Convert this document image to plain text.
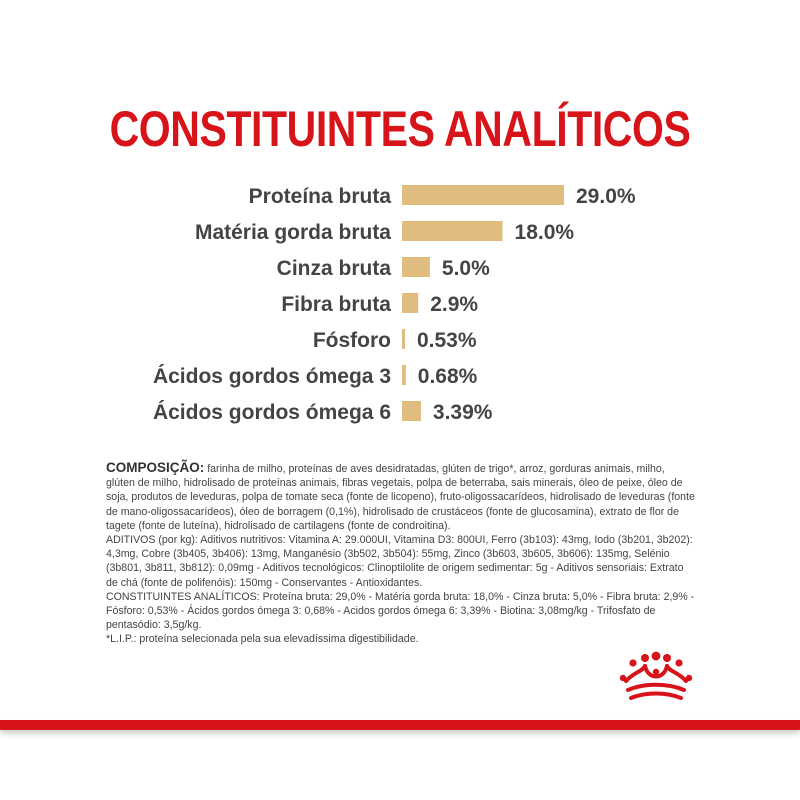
CONSTITUINTES ANALÍTICOS
Proteína bruta	29.0%
Matéria gorda bruta	18.0%
Cinza bruta 5.0%
Fibra bruta 2.9%
Fósforo 0.53%
Ácidos gordos ómega 3 0.68%
Ácidos gordos ómega 6 3.39%

COMPOSIÇÃO: farinha de milho, proteínas de aves desidratadas, glúten de trigo*, arroz, gorduras animais, milho, glúten de milho, hidrolisado de proteínas animais, fibras vegetais, polpa de beterraba, sais minerais, óleo de peixe, óleo de soja, produtos de leveduras, polpa de tomate seca (fonte de licopeno), fruto-oligossacarídeos, hidrolisado de leveduras (fonte de mano-oligossacarídeos), óleo de borragem (0,1%), hidrolisado de crustáceos (fonte de glucosamina), extrato de flor de tagete (fonte de luteína), hidrolisado de cartilagens (fonte de condroitina).

ADITIVOS (por kg): Aditivos nutritivos: Vitamina A: 29.000UI, Vitamina D3: 800UI, Ferro (3b103): 43mg, Iodo (3b201, 3b202): 4,3mg, Cobre (3b405, 3b406): 13mg, Manganésio (3b502, 3b504): 55mg, Zinco (3b603, 3b605, 3b606): 135mg, Selénio (3b801, 3b811, 3b812): 0,09mg - Aditivos tecnológicos: Clinoptilolite de origem sedimentar: 5g - Aditivos sensoriais: Extrato de chá (fonte de polifenóis): 150mg - Conservantes - Antioxidantes.

CONSTITUINTES ANALÍTICOS: Proteína bruta: 29,0% - Matéria gorda bruta: 18,0% - Cinza bruta: 5,0% - Fibra bruta: 2,9% - Fósforo: 0,53% - Ácidos gordos ómega 3: 0,68% - Acidos gordos ómega 6: 3,39% - Biotina: 3,08mg/kg - Trifosfato de pentasódio: 3,5g/kg.

*L.I.P.: proteína selecionada pela sua elevadíssima digestibilidade.
